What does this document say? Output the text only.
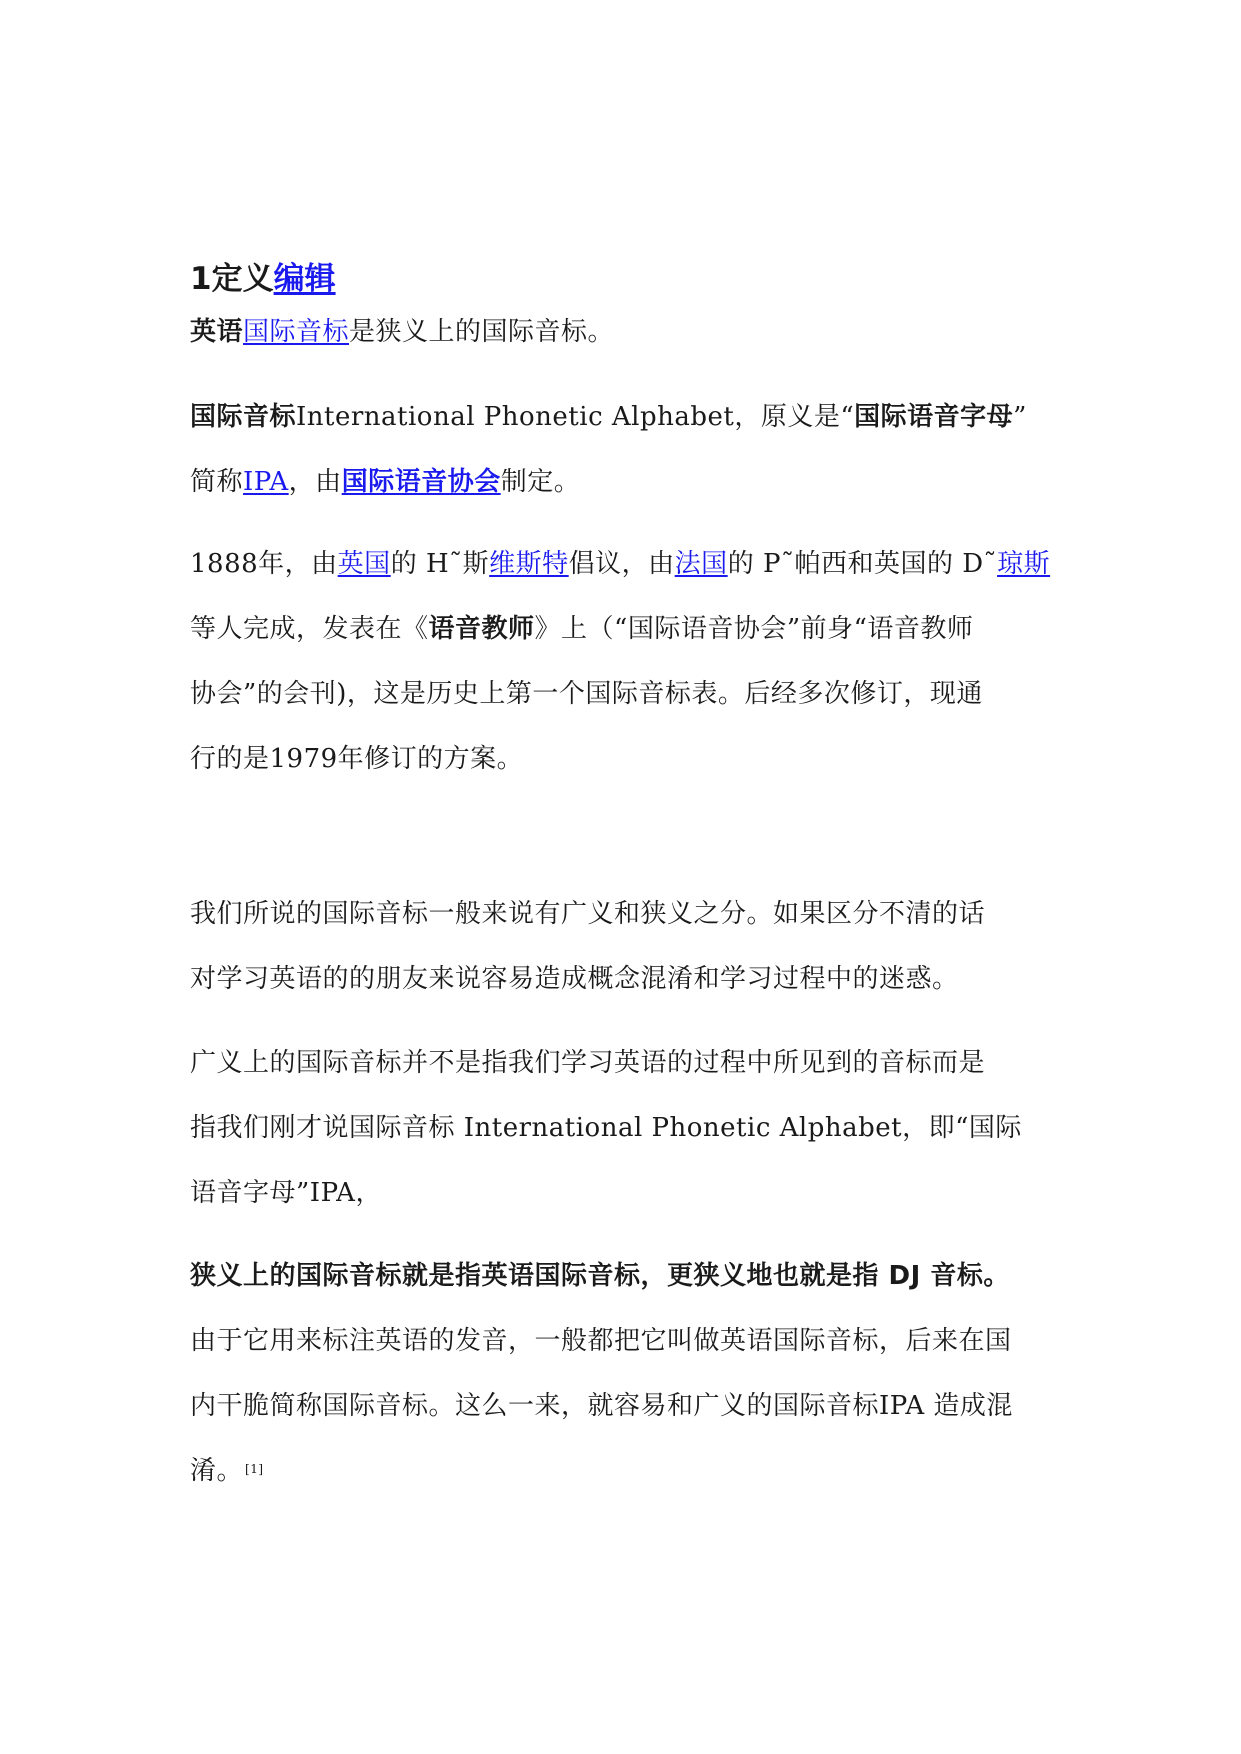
1定义编辑

英语国际音标是狭义上的国际音标。

国际音标International Phonetic Alphabet，原义是“国际语音字母”
简称IPA，由国际语音协会制定。

1888年，由英国的 H˜斯维斯特倡议，由法国的 P˜帕西和英国的 D˜琼斯
等人完成，发表在《语音教师》上（“国际语音协会”前身“语音教师
协会”的会刊)，这是历史上第一个国际音标表。后经多次修订，现通
行的是1979年修订的方案。

我们所说的国际音标一般来说有广义和狭义之分。如果区分不清的话
对学习英语的的朋友来说容易造成概念混淆和学习过程中的迷惑。

广义上的国际音标并不是指我们学习英语的过程中所见到的音标而是
指我们刚才说国际音标 International Phonetic Alphabet，即“国际
语音字母”IPA，

狭义上的国际音标就是指英语国际音标，更狭义地也就是指 DJ 音标。
由于它用来标注英语的发音，一般都把它叫做英语国际音标，后来在国
内干脆简称国际音标。这么一来，就容易和广义的国际音标IPA 造成混
淆。 [1]
